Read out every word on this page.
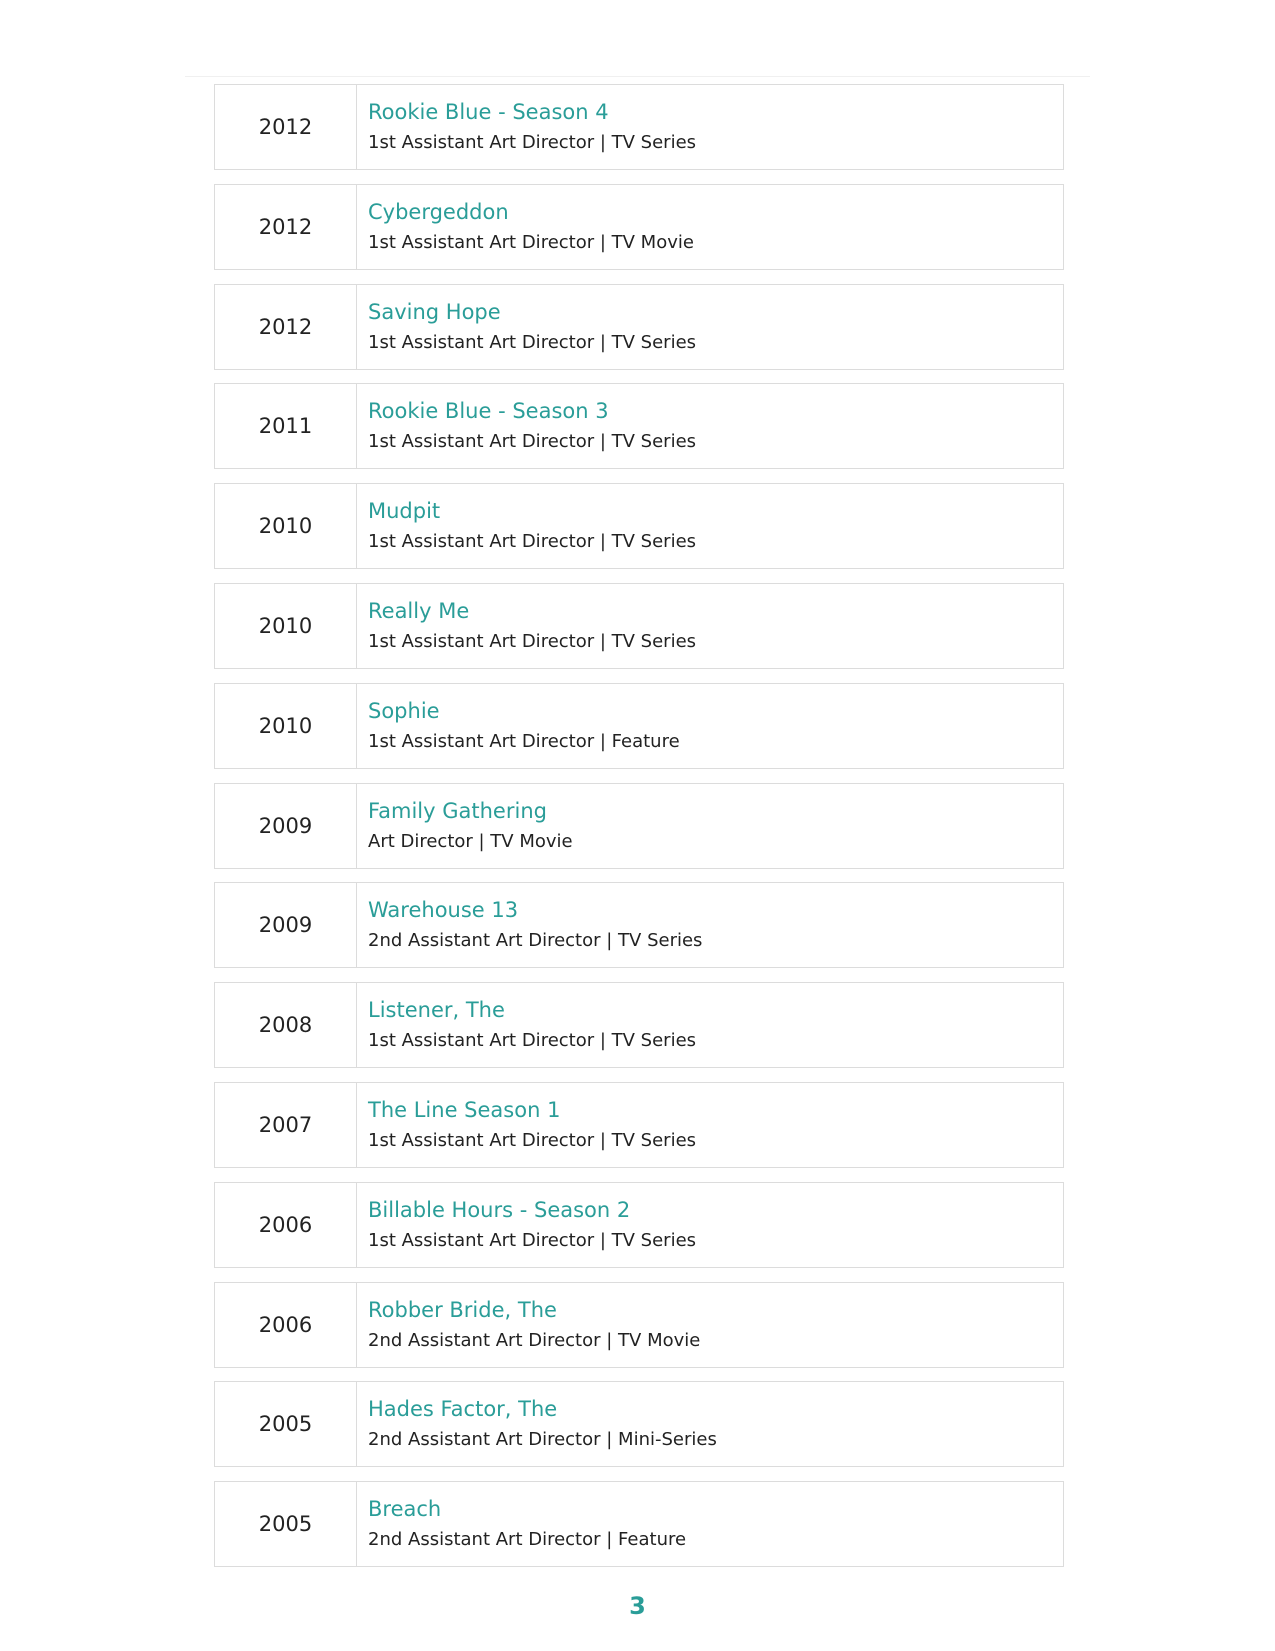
2012
Rookie Blue - Season 4
1st Assistant Art Director | TV Series
2012
Cybergeddon
1st Assistant Art Director | TV Movie
2012
Saving Hope
1st Assistant Art Director | TV Series
2011
Rookie Blue - Season 3
1st Assistant Art Director | TV Series
2010
Mudpit
1st Assistant Art Director | TV Series
2010
Really Me
1st Assistant Art Director | TV Series
2010
Sophie
1st Assistant Art Director | Feature
2009
Family Gathering
Art Director | TV Movie
2009
Warehouse 13
2nd Assistant Art Director | TV Series
2008
Listener, The
1st Assistant Art Director | TV Series
2007
The Line Season 1
1st Assistant Art Director | TV Series
2006
Billable Hours - Season 2
1st Assistant Art Director | TV Series
2006
Robber Bride, The
2nd Assistant Art Director | TV Movie
2005
Hades Factor, The
2nd Assistant Art Director | Mini-Series
2005
Breach
2nd Assistant Art Director | Feature
3
